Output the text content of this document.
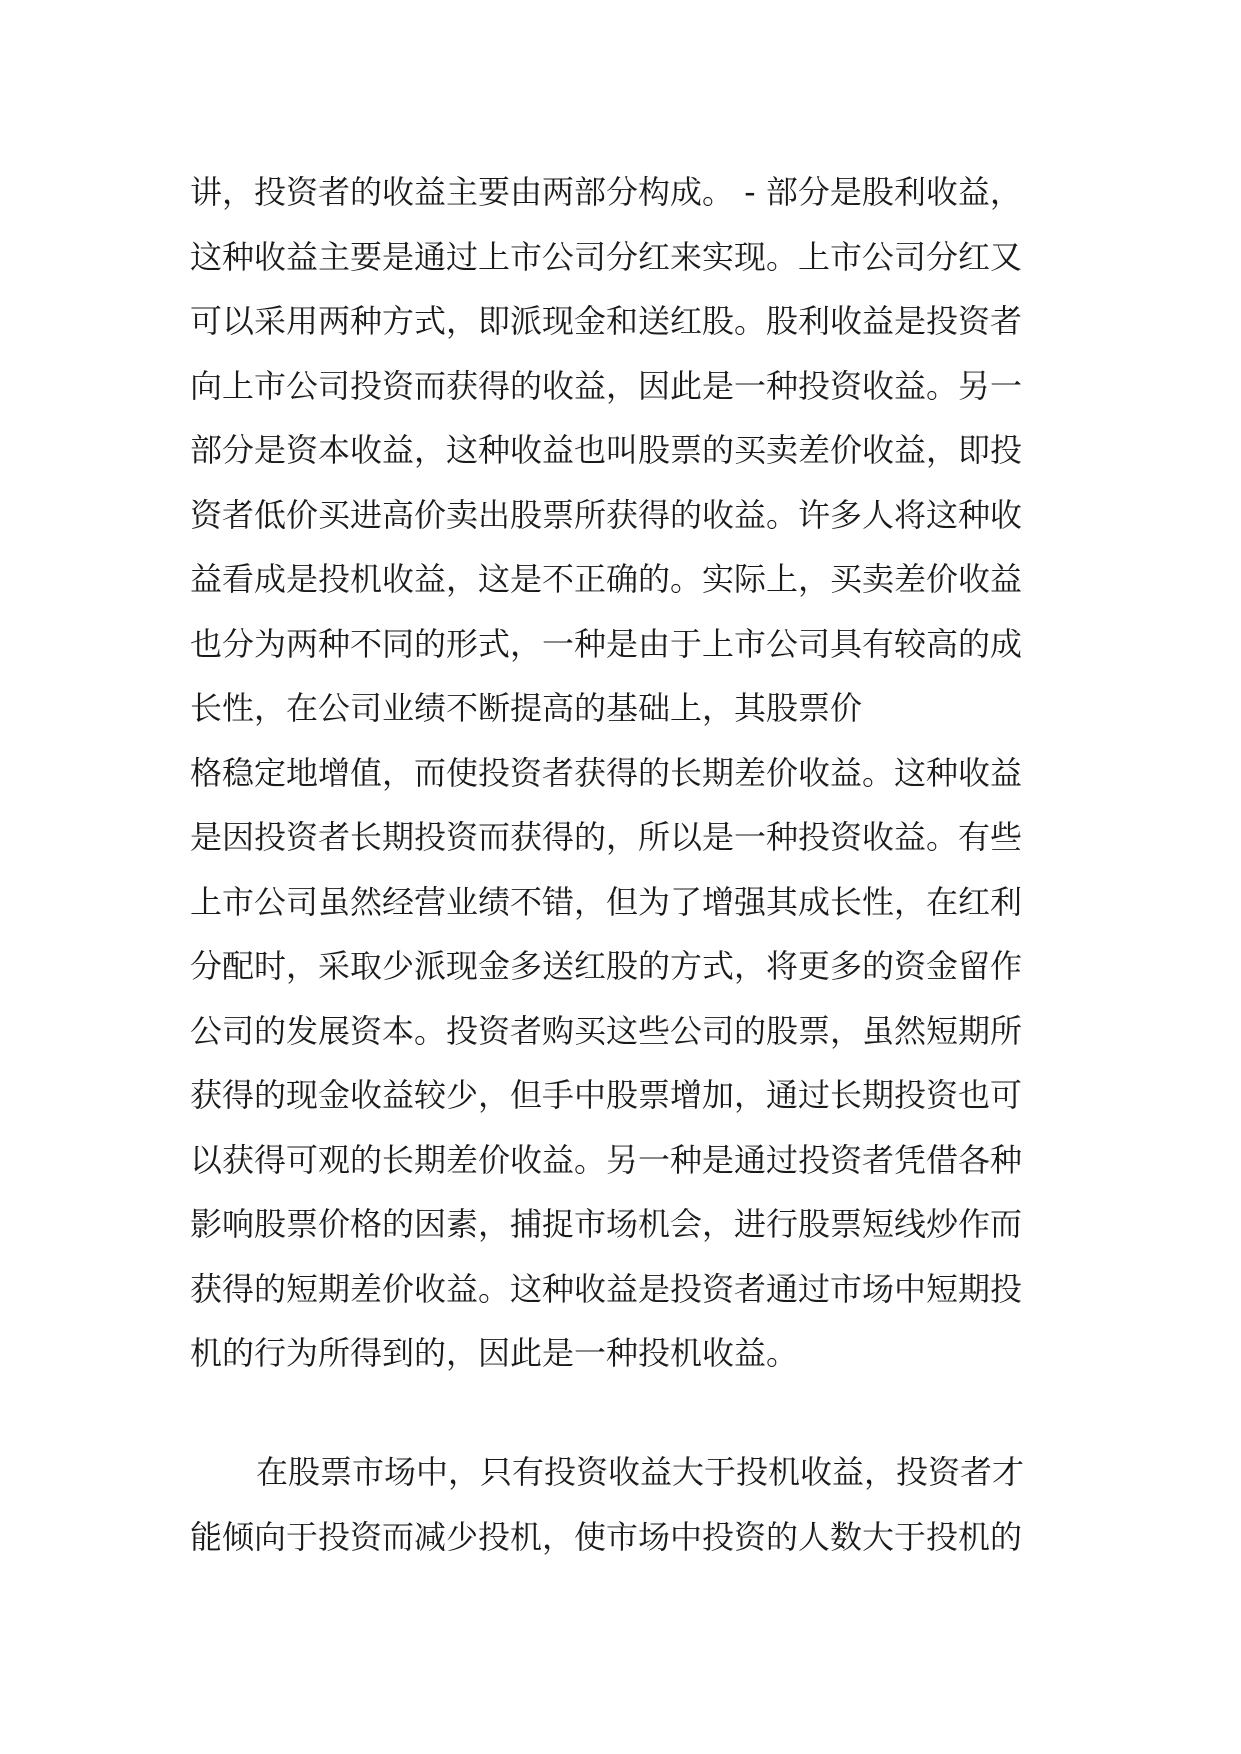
讲，投资者的收益主要由两部分构成。 - 部分是股利收益，
这种收益主要是通过上市公司分红来实现。上市公司分红又
可以采用两种方式，即派现金和送红股。股利收益是投资者
向上市公司投资而获得的收益，因此是一种投资收益。另一
部分是资本收益，这种收益也叫股票的买卖差价收益，即投
资者低价买进高价卖出股票所获得的收益。许多人将这种收
益看成是投机收益，这是不正确的。实际上，买卖差价收益
也分为两种不同的形式，一种是由于上市公司具有较高的成
长性，在公司业绩不断提高的基础上，其股票价
格稳定地增值，而使投资者获得的长期差价收益。这种收益
是因投资者长期投资而获得的，所以是一种投资收益。有些
上市公司虽然经营业绩不错，但为了增强其成长性，在红利
分配时，采取少派现金多送红股的方式，将更多的资金留作
公司的发展资本。投资者购买这些公司的股票，虽然短期所
获得的现金收益较少，但手中股票增加，通过长期投资也可
以获得可观的长期差价收益。另一种是通过投资者凭借各种
影响股票价格的因素，捕捉市场机会，进行股票短线炒作而
获得的短期差价收益。这种收益是投资者通过市场中短期投
机的行为所得到的，因此是一种投机收益。
在股票市场中，只有投资收益大于投机收益，投资者才
能倾向于投资而减少投机，使市场中投资的人数大于投机的
